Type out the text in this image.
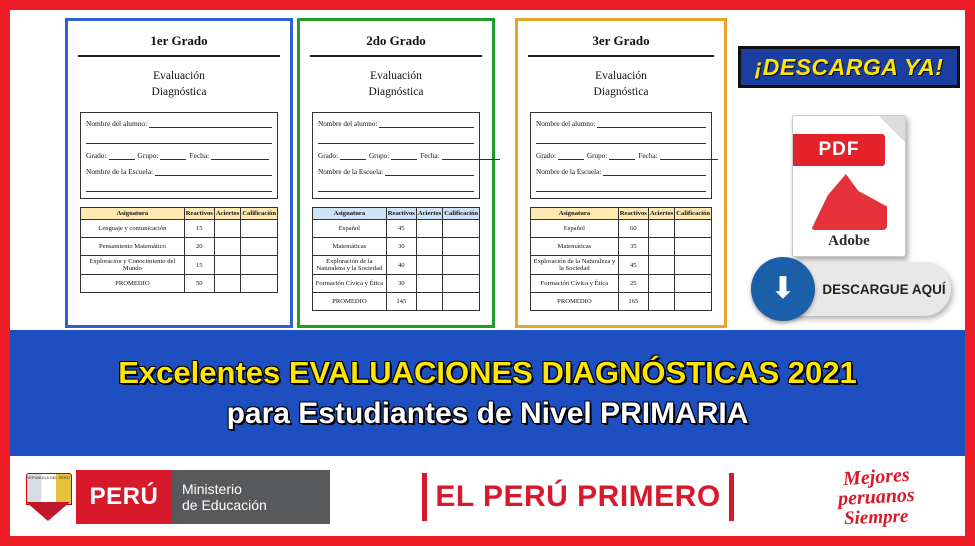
1er Grado
Evaluación
Diagnóstica
Nombre del alumno:
Grado:	Grupo:	Fecha:
Nombre de la Escuela:
Asignatura	Reactivos	Aciertos	Calificación
Lenguaje y comunicación	15		
Pensamiento Matemático	20		
Exploración y Conocimiento del Mundo	15		
PROMEDIO	50		
2do Grado
Evaluación
Diagnóstica
Nombre del alumno:
Grado:	Grupo:	Fecha:
Nombre de la Escuela:
Asignatura	Reactivos	Aciertos	Calificación
Español	45		
Matemáticas	30		
Exploración de la Naturaleza y la Sociedad	40		
Formación Cívica y Ética	30		
PROMEDIO	145		
3er Grado
Evaluación
Diagnóstica
Nombre del alumno:
Grado:	Grupo:	Fecha:
Nombre de la Escuela:
Asignatura	Reactivos	Aciertos	Calificación
Español	60		
Matemáticas	35		
Exploración de la Naturaleza y la Sociedad	45		
Formación Cívica y Ética	25		
PROMEDIO	165		
¡DESCARGA YA!
PDF
Adobe
⬇	DESCARGUE AQUÍ
Excelentes EVALUACIONES DIAGNÓSTICAS 2021
para Estudiantes de Nivel PRIMARIA
REPÚBLICA DEL PERÚ
PERÚ Ministerio
de Educación	EL PERÚ PRIMERO
Mejores
peruanos
Siempre
